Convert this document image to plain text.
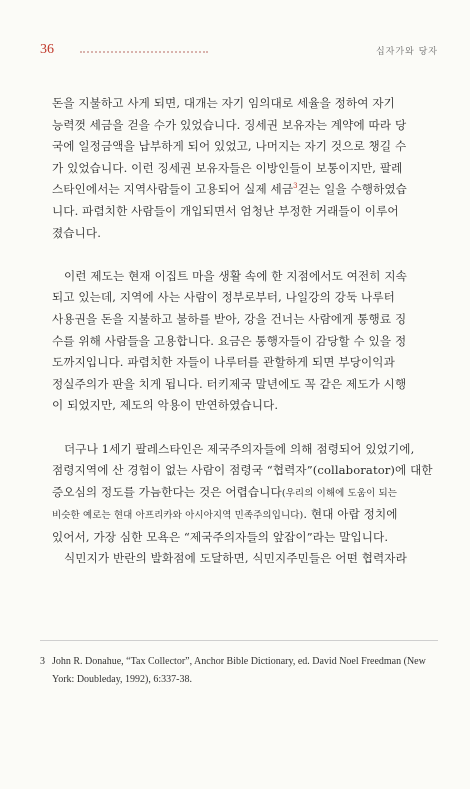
36	십자가와 당자

돈을 지불하고 사게 되면, 대개는 자기 임의대로 세율을 정하여 자기
능력껏 세금을 걷을 수가 있었습니다. 징세권 보유자는 계약에 따라 당
국에 일정금액을 납부하게 되어 있었고, 나머지는 자기 것으로 챙길 수
가 있었습니다. 이런 징세권 보유자들은 이방인들이 보통이지만, 팔레
스타인에서는 지역사람들이 고용되어 실제 세금$^3$걷는 일을 수행하였습
니다. 파렴치한 사람들이 개입되면서 엄청난 부정한 거래들이 이루어
졌습니다.

이런 제도는 현재 이집트 마을 생활 속에 한 지점에서도 여전히 지속
되고 있는데, 지역에 사는 사람이 정부로부터, 나일강의 강둑 나루터
사용권을 돈을 지불하고 불하를 받아, 강을 건너는 사람에게 통행료 징
수를 위해 사람들을 고용합니다. 요금은 통행자들이 감당할 수 있을 정
도까지입니다. 파렴치한 자들이 나루터를 관할하게 되면 부당이익과
정실주의가 판을 치게 됩니다. 터키제국 말년에도 꼭 같은 제도가 시행
이 되었지만, 제도의 악용이 만연하였습니다.

더구나 1세기 팔레스타인은 제국주의자들에 의해 점령되어 있었기에,
점령지역에 산 경험이 없는 사람이 점령국 “협력자”(collaborator)에 대한
증오심의 정도를 가늠한다는 것은 어렵습니다(우리의 이해에 도움이 되는
비슷한 예로는 현대 아프리카와 아시아지역 민족주의입니다). 현대 아랍 정치에
있어서, 가장 심한 모욕은 “제국주의자들의 앞잡이”라는 말입니다.
식민지가 반란의 발화점에 도달하면, 식민지주민들은 어떤 협력자라

3 John R. Donahue, “Tax Collector”, Anchor Bible Dictionary, ed. David Noel Freedman (New
York: Doubleday, 1992), 6:337-38.
